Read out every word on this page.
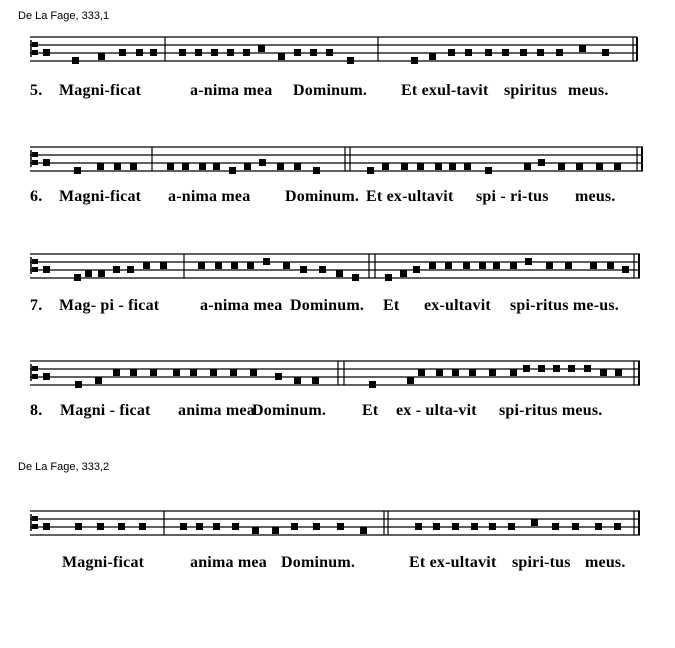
De La Fage, 333,1
De La Fage, 333,2
5. Magni-ficat	a-nima mea Dominum. Et exul-tavit spiritus meus.
6. Magni-ficat a-nima mea Dominum. Et ex-ultavit spi - ri-tus meus.
7. Mag- pi - ficat	a-nima mea Dominum. Et ex-ultavit spi-ritus me-us.
8. Magni - ficat anima mea
Dominum. Et ex - ulta-vit spi-ritus meus.
Magni-ficat	anima mea Dominum.	Et ex-ultavit spiri-tus meus.
